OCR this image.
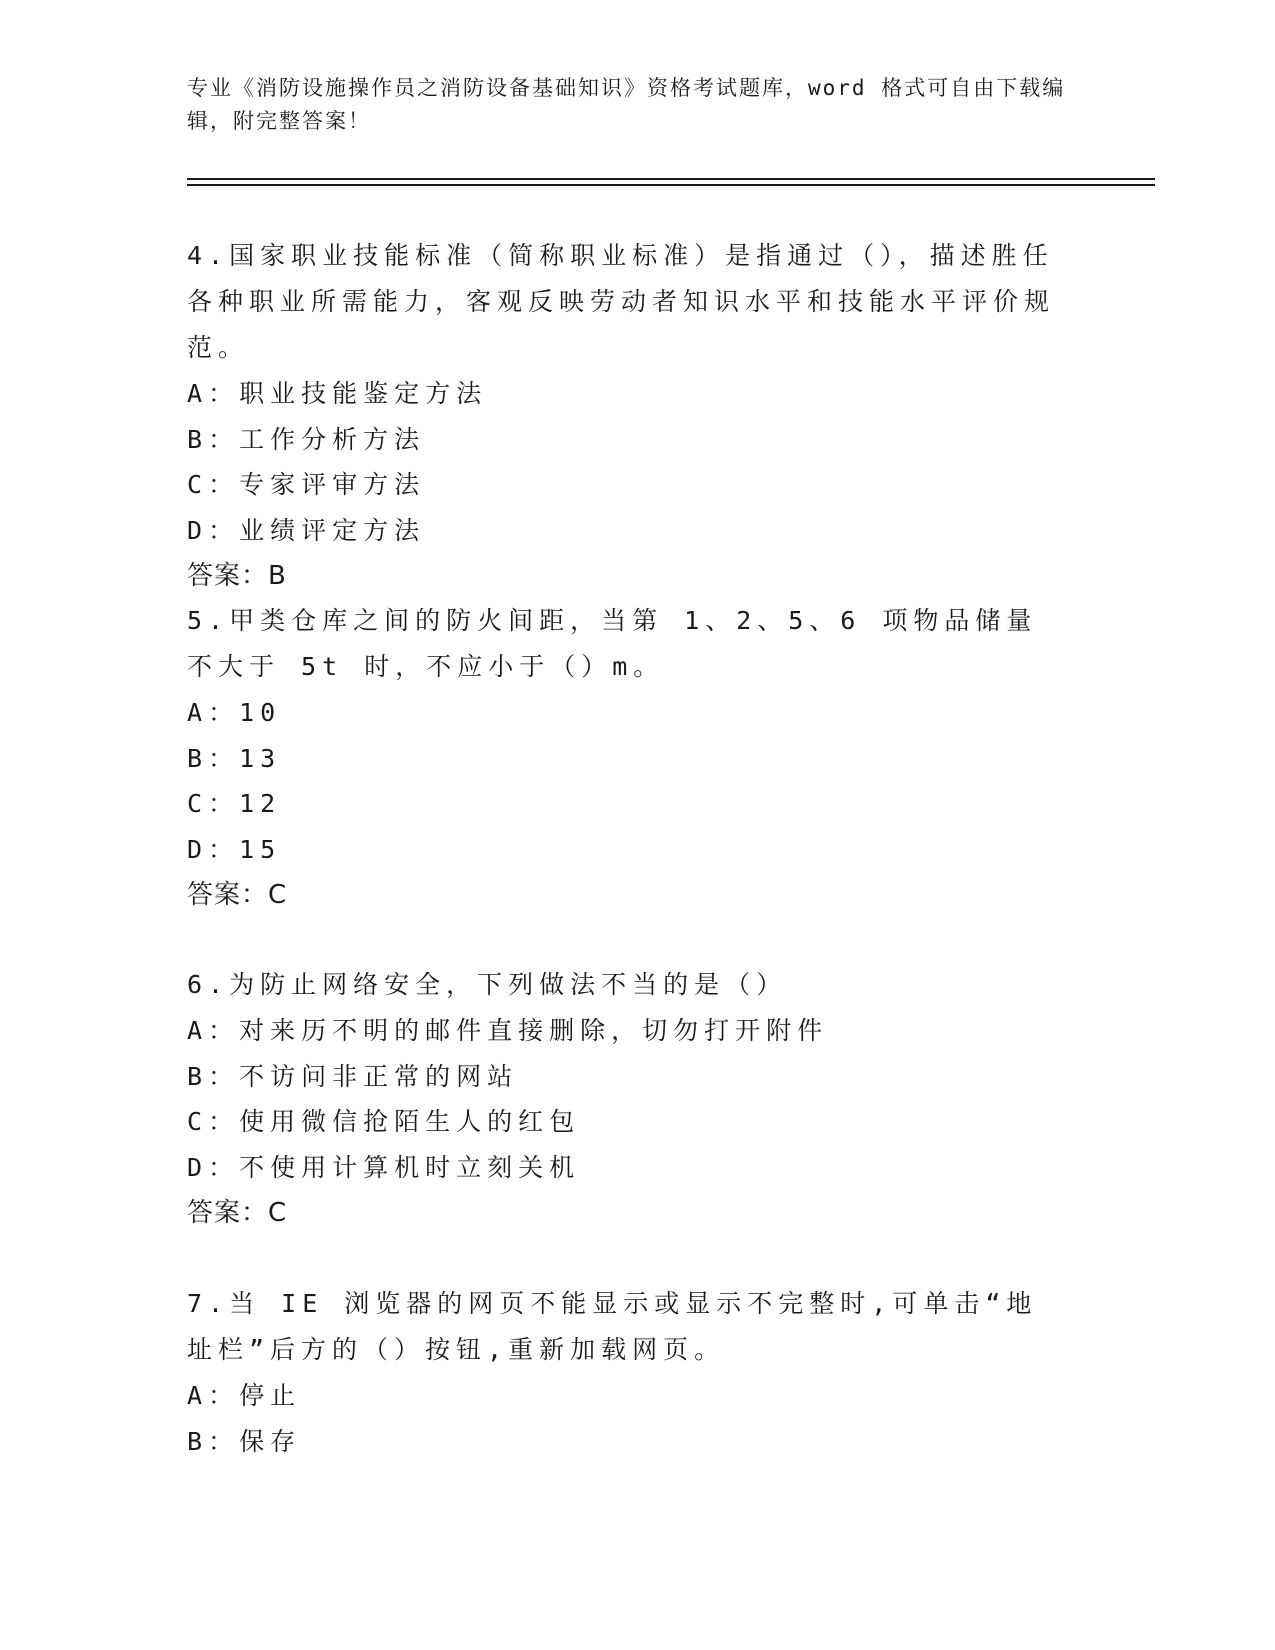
专业《消防设施操作员之消防设备基础知识》资格考试题库，word 格式可自由下载编辑，附完整答案！

4.国家职业技能标准（简称职业标准）是指通过（），描述胜任各种职业所需能力，客观反映劳动者知识水平和技能水平评价规范。

A：职业技能鉴定方法

B：工作分析方法

C：专家评审方法

D：业绩评定方法

答案：B

5.甲类仓库之间的防火间距，当第 1、2、5、6 项物品储量不大于 5t 时，不应小于（）m。

A：10

B：13

C：12

D：15

答案：C

6.为防止网络安全，下列做法不当的是（）

A：对来历不明的邮件直接删除，切勿打开附件

B：不访问非正常的网站

C：使用微信抢陌生人的红包

D：不使用计算机时立刻关机

答案：C

7.当 IE 浏览器的网页不能显示或显示不完整时,可单击“地址栏”后方的（）按钮,重新加载网页。

A：停止

B：保存
